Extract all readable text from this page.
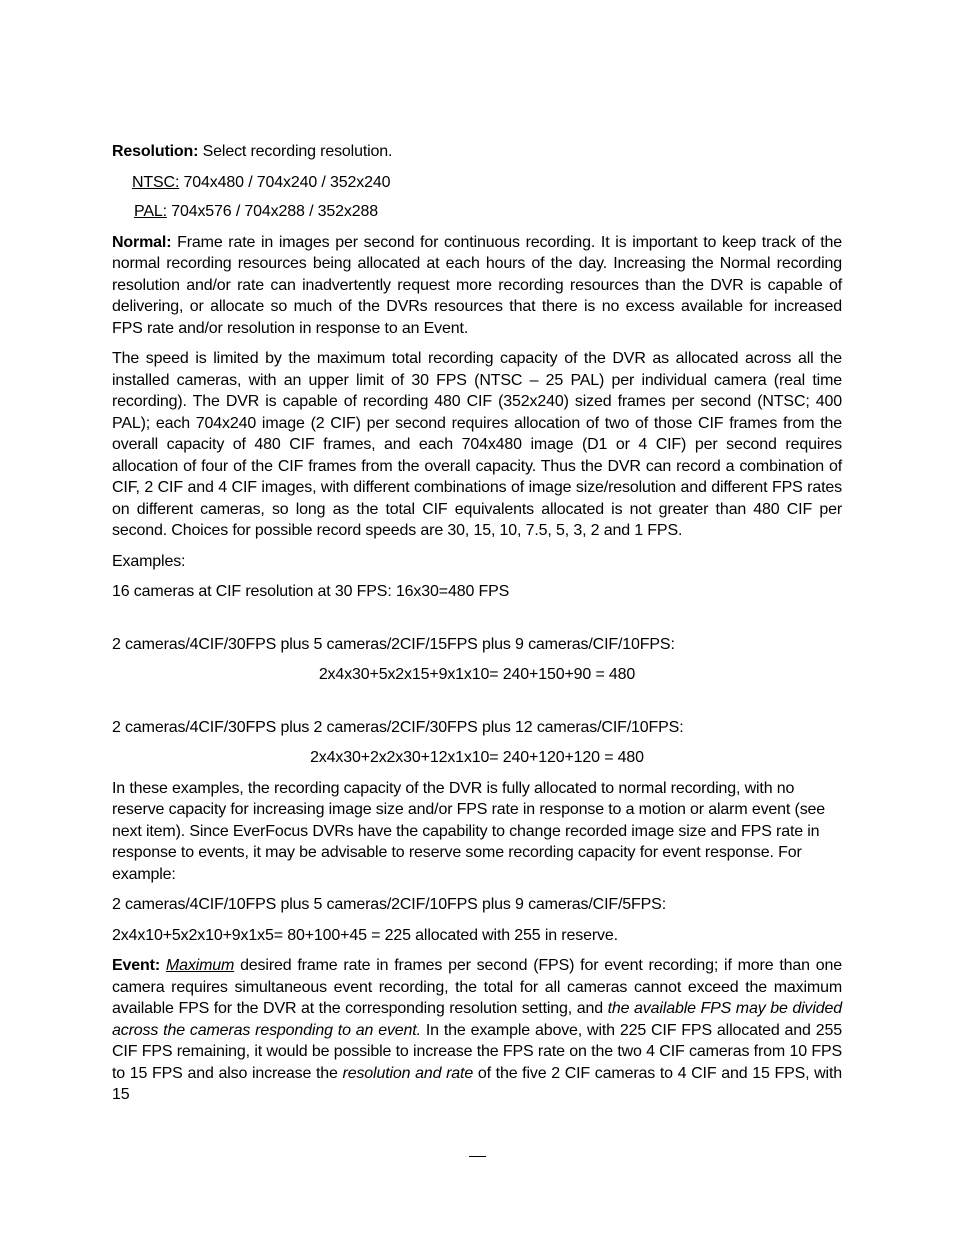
Resolution: Select recording resolution.

NTSC: 704x480 / 704x240 / 352x240

PAL: 704x576 / 704x288 / 352x288

Normal: Frame rate in images per second for continuous recording. It is important to keep track of the normal recording resources being allocated at each hours of the day. Increasing the Normal recording resolution and/or rate can inadvertently request more recording resources than the DVR is capable of delivering, or allocate so much of the DVRs resources that there is no excess available for increased FPS rate and/or resolution in response to an Event.

The speed is limited by the maximum total recording capacity of the DVR as allocated across all the installed cameras, with an upper limit of 30 FPS (NTSC – 25 PAL) per individual camera (real time recording). The DVR is capable of recording 480 CIF (352x240) sized frames per second (NTSC; 400 PAL); each 704x240 image (2 CIF) per second requires allocation of two of those CIF frames from the overall capacity of 480 CIF frames, and each 704x480 image (D1 or 4 CIF) per second requires allocation of four of the CIF frames from the overall capacity. Thus the DVR can record a combination of CIF, 2 CIF and 4 CIF images, with different combinations of image size/resolution and different FPS rates on different cameras, so long as the total CIF equivalents allocated is not greater than 480 CIF per second. Choices for possible record speeds are 30, 15, 10, 7.5, 5, 3, 2 and 1 FPS.

Examples:

16 cameras at CIF resolution at 30 FPS: 16x30=480 FPS

2 cameras/4CIF/30FPS plus 5 cameras/2CIF/15FPS plus 9 cameras/CIF/10FPS:

2x4x30+5x2x15+9x1x10= 240+150+90 = 480

2 cameras/4CIF/30FPS plus 2 cameras/2CIF/30FPS plus 12 cameras/CIF/10FPS:

2x4x30+2x2x30+12x1x10= 240+120+120 = 480

In these examples, the recording capacity of the DVR is fully allocated to normal recording, with no reserve capacity for increasing image size and/or FPS rate in response to a motion or alarm event (see next item). Since EverFocus DVRs have the capability to change recorded image size and FPS rate in response to events, it may be advisable to reserve some recording capacity for event response. For example:

2 cameras/4CIF/10FPS plus 5 cameras/2CIF/10FPS plus 9 cameras/CIF/5FPS:

2x4x10+5x2x10+9x1x5= 80+100+45 = 225 allocated with 255 in reserve.

Event: Maximum desired frame rate in frames per second (FPS) for event recording; if more than one camera requires simultaneous event recording, the total for all cameras cannot exceed the maximum available FPS for the DVR at the corresponding resolution setting, and the available FPS may be divided across the cameras responding to an event. In the example above, with 225 CIF FPS allocated and 255 CIF FPS remaining, it would be possible to increase the FPS rate on the two 4 CIF cameras from 10 FPS to 15 FPS and also increase the resolution and rate of the five 2 CIF cameras to 4 CIF and 15 FPS, with 15
